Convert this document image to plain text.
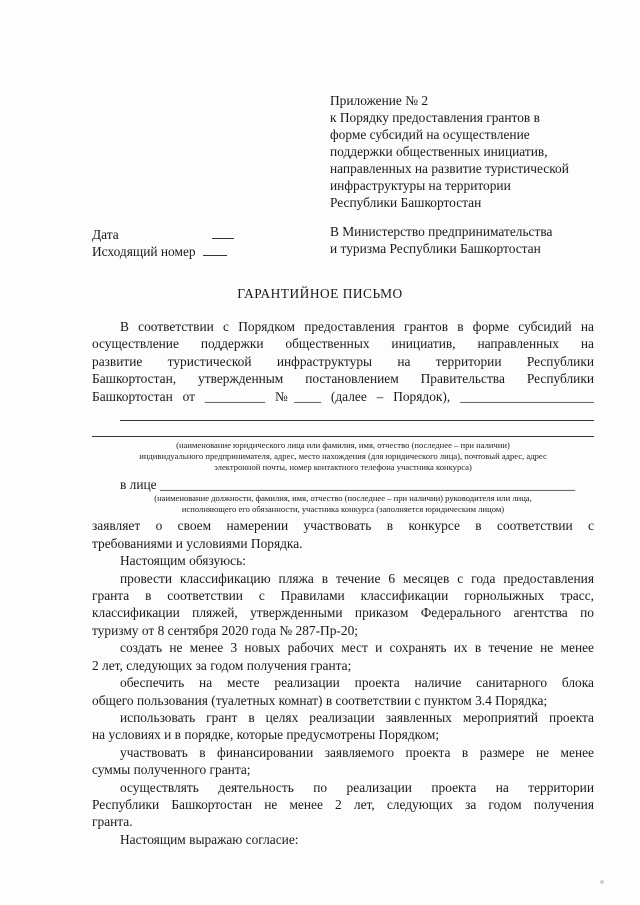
Приложение № 2
к Порядку предоставления грантов в
форме субсидий на осуществление
поддержки общественных инициатив,
направленных на развитие туристической
инфраструктуры на территории
Республики Башкортостан
Дата
Исходящий номер
В Министерство предпринимательства
и туризма Республики Башкортостан
ГАРАНТИЙНОЕ ПИСЬМО
В соответствии с Порядком предоставления грантов в форме субсидий на
осуществление поддержки общественных инициатив, направленных на
развитие туристической инфраструктуры на территории Республики
Башкортостан, утвержденным постановлением Правительства Республики
Башкортостан от _________ №____ (далее – Порядок), ____________________
(наименование юридического лица или фамилия, имя, отчество (последнее – при наличии)
индивидуального предпринимателя, адрес, место нахождения (для юридического лица), почтовый адрес, адрес
электронной почты, номер контактного телефона участника конкурса)
в лице ______________________________________________________________
(наименование должности, фамилия, имя, отчество (последнее – при наличии) руководителя или лица,
исполняющего его обязанности, участника конкурса (заполняется юридическим лицом)
заявляет о своем намерении участвовать в конкурсе в соответствии с
требованиями и условиями Порядка.
Настоящим обязуюсь:
провести классификацию пляжа в течение 6 месяцев с года предоставления
гранта в соответствии с Правилами классификации горнолыжных трасс,
классификации пляжей, утвержденными приказом Федерального агентства по
туризму от 8 сентября 2020 года № 287-Пр-20;
создать не менее 3 новых рабочих мест и сохранять их в течение не менее
2 лет, следующих за годом получения гранта;
обеспечить на месте реализации проекта наличие санитарного блока
общего пользования (туалетных комнат) в соответствии с пунктом 3.4 Порядка;
использовать грант в целях реализации заявленных мероприятий проекта
на условиях и в порядке, которые предусмотрены Порядком;
участвовать в финансировании заявляемого проекта в размере не менее
суммы полученного гранта;
осуществлять деятельность по реализации проекта на территории
Республики Башкортостан не менее 2 лет, следующих за годом получения
гранта.
Настоящим выражаю согласие:
